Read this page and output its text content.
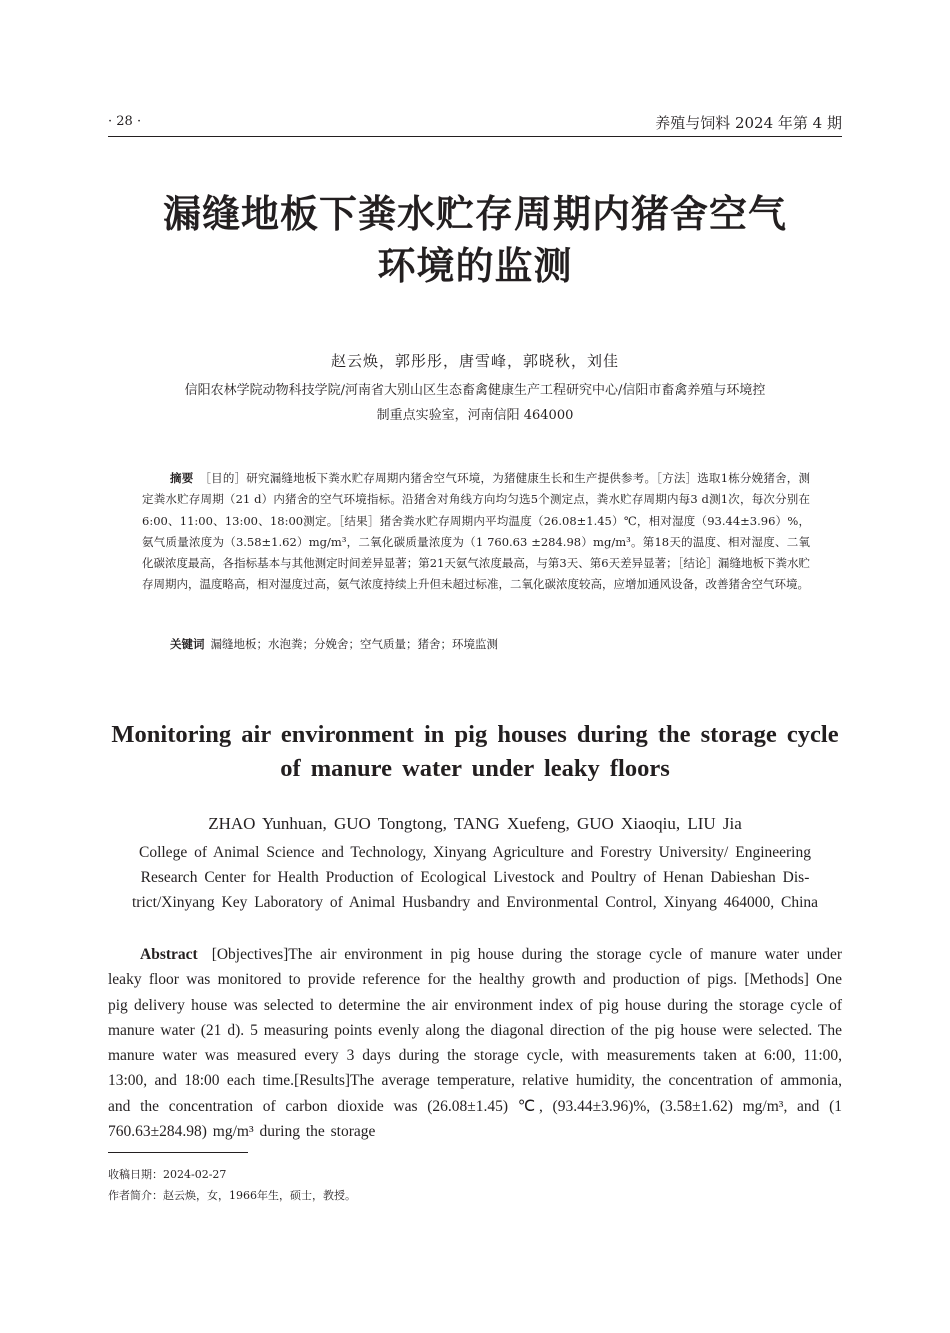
· 28 ·	养殖与饲料 2024 年第 4 期
漏缝地板下粪水贮存周期内猪舍空气
环境的监测
赵云焕，郭彤彤，唐雪峰，郭晓秋，刘佳
信阳农林学院动物科技学院/河南省大别山区生态畜禽健康生产工程研究中心/信阳市畜禽养殖与环境控
制重点实验室，河南信阳 464000
摘要 ［目的］研究漏缝地板下粪水贮存周期内猪舍空气环境，为猪健康生长和生产提供参考。［方法］选取1栋分娩猪舍，测定粪水贮存周期（21 d）内猪舍的空气环境指标。沿猪舍对角线方向均匀选5个测定点，粪水贮存周期内每3 d测1次，每次分别在6:00、11:00、13:00、18:00测定。［结果］猪舍粪水贮存周期内平均温度（26.08±1.45）℃，相对湿度（93.44±3.96）%，氨气质量浓度为（3.58±1.62）mg/m³，二氧化碳质量浓度为（1 760.63 ±284.98）mg/m³。第18天的温度、相对湿度、二氧化碳浓度最高，各指标基本与其他测定时间差异显著；第21天氨气浓度最高，与第3天、第6天差异显著；［结论］漏缝地板下粪水贮存周期内，温度略高，相对湿度过高，氨气浓度持续上升但未超过标准，二氧化碳浓度较高，应增加通风设备，改善猪舍空气环境。
关键词 漏缝地板；水泡粪；分娩舍；空气质量；猪舍；环境监测
Monitoring air environment in pig houses during the storage cycle
of manure water under leaky floors
ZHAO Yunhuan, GUO Tongtong, TANG Xuefeng, GUO Xiaoqiu, LIU Jia
College of Animal Science and Technology, Xinyang Agriculture and Forestry University/ Engineering
Research Center for Health Production of Ecological Livestock and Poultry of Henan Dabieshan Dis-
trict/Xinyang Key Laboratory of Animal Husbandry and Environmental Control, Xinyang 464000, China
Abstract [Objectives]The air environment in pig house during the storage cycle of manure water under leaky floor was monitored to provide reference for the healthy growth and production of pigs. [Methods] One pig delivery house was selected to determine the air environment index of pig house during the storage cycle of manure water (21 d). 5 measuring points evenly along the diagonal direction of the pig house were selected. The manure water was measured every 3 days during the storage cycle, with measurements taken at 6:00, 11:00, 13:00, and 18:00 each time.[Results]The average temperature, relative humidity, the concentration of ammonia, and the concentration of carbon dioxide was (26.08±1.45) ℃, (93.44±3.96)%, (3.58±1.62) mg/m³, and (1 760.63±284.98) mg/m³ during the storage
收稿日期：2024-02-27
作者简介：赵云焕，女，1966年生，硕士，教授。
